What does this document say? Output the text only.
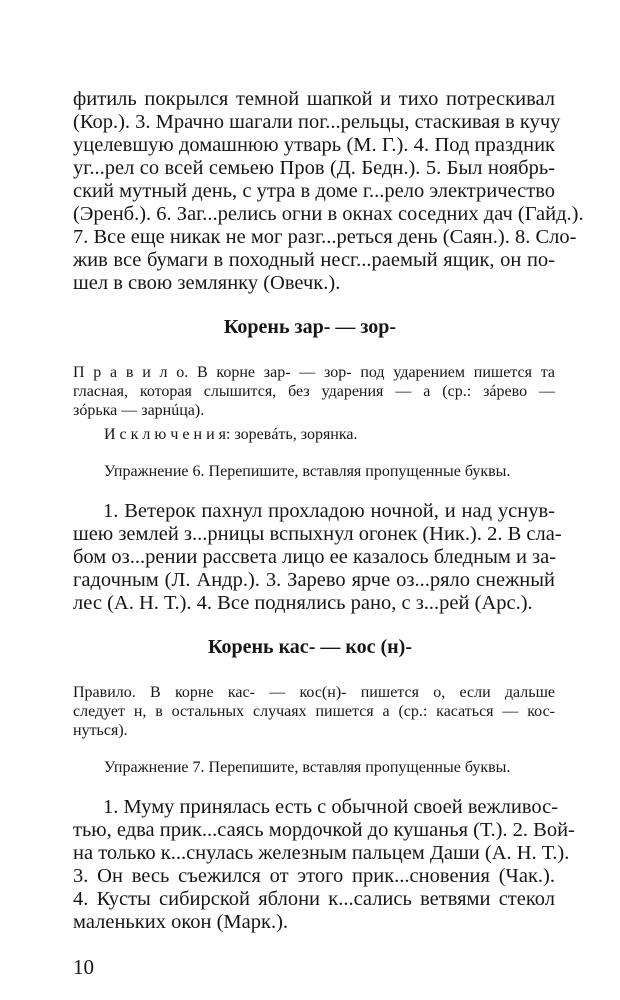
фитиль покрылся темной шапкой и тихо потрескивал
(Кор.). 3. Мрачно шагали пог...рельцы, стаскивая в кучу
уцелевшую домашнюю утварь (М. Г.). 4. Под праздник
уг...рел со всей семьею Пров (Д. Бедн.). 5. Был ноябрь-
ский мутный день, с утра в доме г...рело электричество
(Эренб.). 6. Заг...релись огни в окнах соседних дач (Гайд.).
7. Все еще никак не мог разг...реться день (Саян.). 8. Сло-
жив все бумаги в походный несг...раемый ящик, он по-
шел в свою землянку (Овечк.).
Корень зар- — зор-
П р а в и л о. В корне зар- — зор- под ударением пишется та
гласная, которая слышится, без ударения — а (ср.: зáрево —
зóрька — зарнúца).
И с к л ю ч е н и я: зоревáть, зорянка.
Упражнение 6. Перепишите, вставляя пропущенные буквы.
1. Ветерок пахнул прохладою ночной, и над уснув-
шею землей з...рницы вспыхнул огонек (Ник.). 2. В сла-
бом оз...рении рассвета лицо ее казалось бледным и за-
гадочным (Л. Андр.). 3. Зарево ярче оз...ряло снежный
лес (А. Н. Т.). 4. Все поднялись рано, с з...рей (Арс.).
Корень кас- — кос (н)-
Правило. В корне кас- — кос(н)- пишется о, если дальше
следует н, в остальных случаях пишется а (ср.: касаться — кос-
нуться).
Упражнение 7. Перепишите, вставляя пропущенные буквы.
1. Муму принялась есть с обычной своей вежливос-
тью, едва прик...саясь мордочкой до кушанья (Т.). 2. Вой-
на только к...снулась железным пальцем Даши (А. Н. Т.).
3. Он весь съежился от этого прик...сновения (Чак.).
4. Кусты сибирской яблони к...сались ветвями стекол
маленьких окон (Марк.).
10
